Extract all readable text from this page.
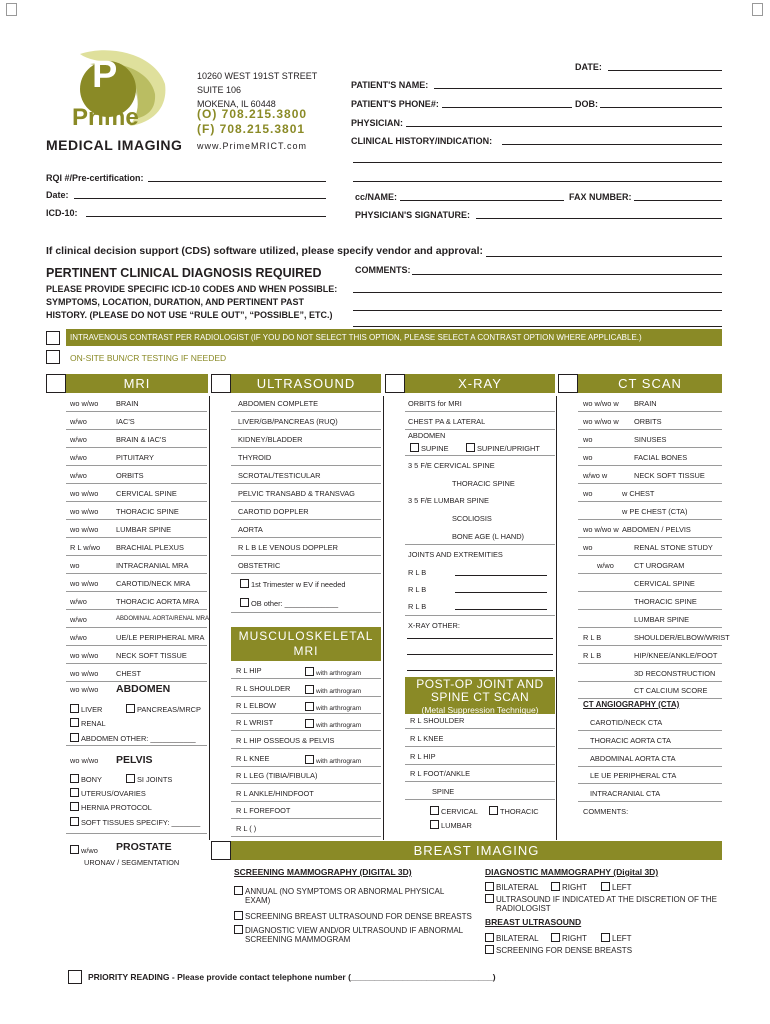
P
Prime
MEDICAL IMAGING
10260 WEST 191ST STREET
SUITE 106
MOKENA, IL 60448
(O) 708.215.3800
(F) 708.215.3801
www.PrimeMRICT.com
DATE:
PATIENT'S NAME:
PATIENT'S PHONE#:	DOB:
PHYSICIAN:
CLINICAL HISTORY/INDICATION:
RQI #/Pre-certification:
Date:
ICD-10:
cc/NAME:	FAX NUMBER:
PHYSICIAN'S SIGNATURE:
If clinical decision support (CDS) software utilized, please specify vendor and approval:
PERTINENT CLINICAL DIAGNOSIS REQUIRED
PLEASE PROVIDE SPECIFIC ICD-10 CODES AND WHEN POSSIBLE:
SYMPTOMS, LOCATION, DURATION, AND PERTINENT PAST
HISTORY. (PLEASE DO NOT USE “RULE OUT”, “POSSIBLE”, ETC.)
COMMENTS:
INTRAVENOUS CONTRAST PER RADIOLOGIST (IF YOU DO NOT SELECT THIS OPTION, PLEASE SELECT A CONTRAST OPTION WHERE APPLICABLE.)
ON-SITE BUN/CR TESTING IF NEEDED
MRI	ULTRASOUND	X-RAY	CT SCAN
wo w/wo ABDOMEN
LIVER	PANCREAS/MRCP
RENAL
ABDOMEN OTHER: ___________
wo w/wo PELVIS
BONY	SI JOINTS
UTERUS/OVARIES
HERNIA PROTOCOL
SOFT TISSUES SPECIFY: _______
w/wo PROSTATE
URONAV / SEGMENTATION
1st Trimester w EV if needed
OB other: _____________
MUSCULOSKELETAL
MRI
ABDOMEN
SUPINE	SUPINE/UPRIGHT
3 5 F/E CERVICAL SPINE
THORACIC SPINE
3 5 F/E LUMBAR SPINE
SCOLIOSIS
BONE AGE (L HAND)
JOINTS AND EXTREMITIES
R L B
R L B
R L B
X-RAY OTHER:
POST-OP JOINT AND
SPINE CT SCAN
(Metal Suppression Technique)
CERVICAL	THORACIC
LUMBAR
CT ANGIOGRAPHY (CTA)
COMMENTS:
BREAST IMAGING
SCREENING MAMMOGRAPHY (DIGITAL 3D)
ANNUAL (NO SYMPTOMS OR ABNORMAL PHYSICAL
EXAM)
SCREENING BREAST ULTRASOUND FOR DENSE BREASTS
DIAGNOSTIC VIEW AND/OR ULTRASOUND IF ABNORMAL
SCREENING MAMMOGRAM
DIAGNOSTIC MAMMOGRAPHY (Digital 3D)
BILATERAL	RIGHT	LEFT
ULTRASOUND IF INDICATED AT THE DISCRETION OF THE
RADIOLOGIST
BREAST ULTRASOUND
BILATERAL	RIGHT	LEFT
SCREENING FOR DENSE BREASTS
PRIORITY READING - Please provide contact telephone number (______________________________)
wo w/wo BRAIN
w/wo	IAC'S
w/wo	BRAIN & IAC'S
w/wo	PITUITARY
w/wo	ORBITS
wo w/wo CERVICAL SPINE
wo w/wo THORACIC SPINE
wo w/wo LUMBAR SPINE
R L w/wo BRACHIAL PLEXUS
wo	INTRACRANIAL MRA
wo w/wo CAROTID/NECK MRA
w/wo	THORACIC AORTA MRA
w/wo	ABDOMINAL AORTA/RENAL MRA
w/wo	UE/LE PERIPHERAL MRA
wo w/wo NECK SOFT TISSUE
wo w/wo CHEST
ABDOMEN COMPLETE
LIVER/GB/PANCREAS (RUQ)
KIDNEY/BLADDER
THYROID
SCROTAL/TESTICULAR
PELVIC TRANSABD & TRANSVAG
CAROTID DOPPLER
AORTA
R L B LE VENOUS DOPPLER
OBSTETRIC
R L HIP	with arthrogram
R L SHOULDER	with arthrogram
R L ELBOW	with arthrogram
R L WRIST	with arthrogram
R L HIP OSSEOUS & PELVIS
R L KNEE	with arthrogram
R L LEG (TIBIA/FIBULA)
R L ANKLE/HINDFOOT
R L FOREFOOT
R L ( )
ORBITS for MRI
CHEST PA & LATERAL
R L SHOULDER
R L KNEE
R L HIP
R L FOOT/ANKLE
SPINE
wo w/wo w BRAIN
wo w/wo w ORBITS
wo	SINUSES
wo	FACIAL BONES
w/wo w	NECK SOFT TISSUE
wo	w CHEST
w PE CHEST (CTA)
wo w/wo w ABDOMEN / PELVIS
wo	RENAL STONE STUDY
w/wo	CT UROGRAM
CERVICAL SPINE
THORACIC SPINE
LUMBAR SPINE
R L B	SHOULDER/ELBOW/WRIST
R L B	HIP/KNEE/ANKLE/FOOT
3D RECONSTRUCTION
CT CALCIUM SCORE
CAROTID/NECK CTA
THORACIC AORTA CTA
ABDOMINAL AORTA CTA
LE UE PERIPHERAL CTA
INTRACRANIAL CTA
